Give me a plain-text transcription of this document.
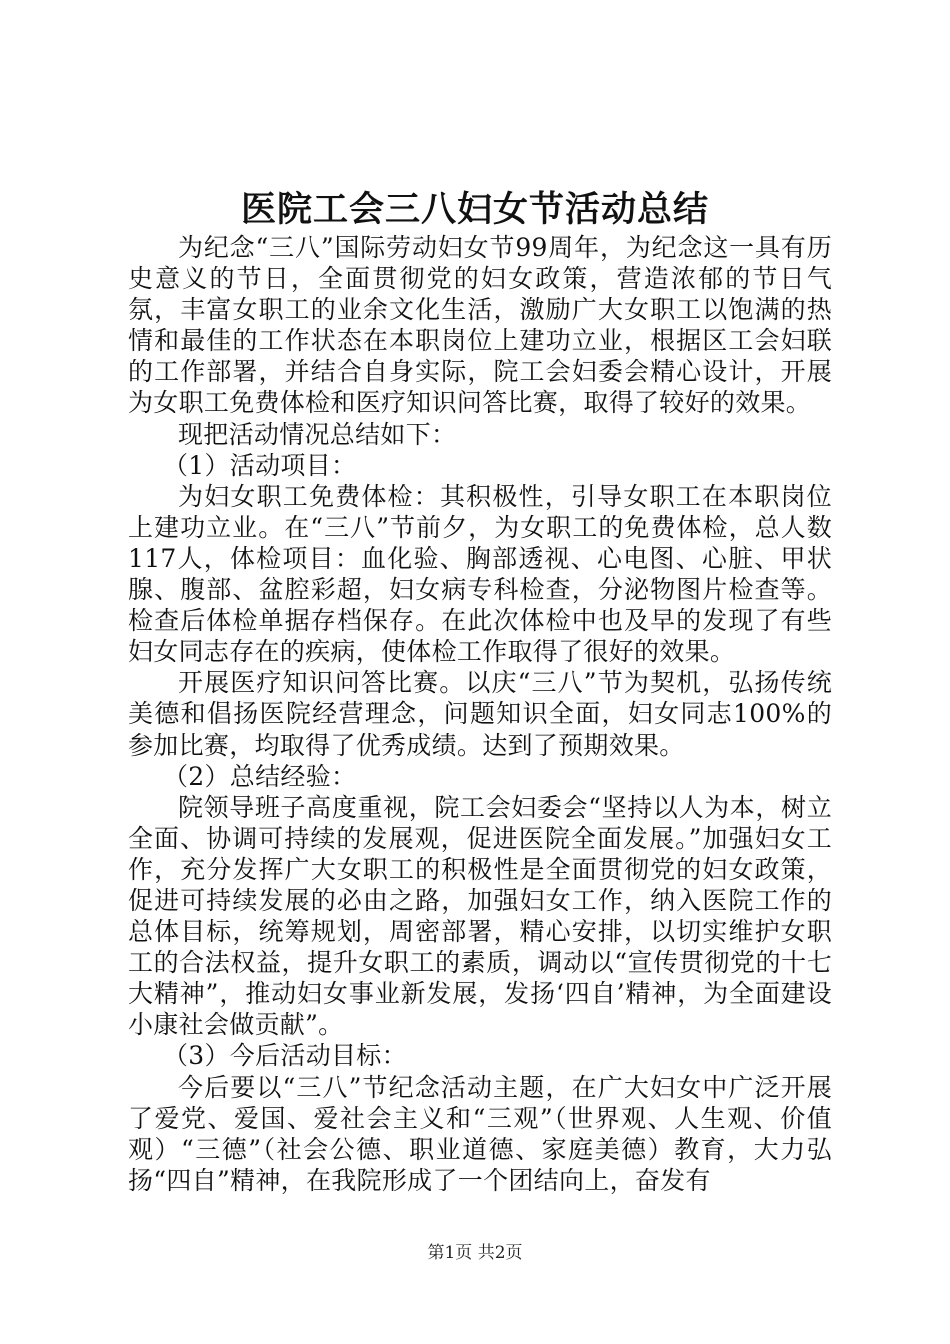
医院工会三八妇女节活动总结

为纪念“三八”国际劳动妇女节99周年，为纪念这一具有历史意义的节日，全面贯彻党的妇女政策，营造浓郁的节日气氛，丰富女职工的业余文化生活，激励广大女职工以饱满的热情和最佳的工作状态在本职岗位上建功立业，根据区工会妇联的工作部署，并结合自身实际，院工会妇委会精心设计，开展为女职工免费体检和医疗知识问答比赛，取得了较好的效果。

现把活动情况总结如下：

（1）活动项目：

为妇女职工免费体检：其积极性，引导女职工在本职岗位上建功立业。在“三八”节前夕，为女职工的免费体检，总人数117人，体检项目：血化验、胸部透视、心电图、心脏、甲状腺、腹部、盆腔彩超，妇女病专科检查，分泌物图片检查等。检查后体检单据存档保存。在此次体检中也及早的发现了有些妇女同志存在的疾病，使体检工作取得了很好的效果。

开展医疗知识问答比赛。以庆“三八”节为契机，弘扬传统美德和倡扬医院经营理念，问题知识全面，妇女同志100%的参加比赛，均取得了优秀成绩。达到了预期效果。

（2）总结经验：

院领导班子高度重视，院工会妇委会“坚持以人为本，树立全面、协调可持续的发展观，促进医院全面发展。”加强妇女工作，充分发挥广大女职工的积极性是全面贯彻党的妇女政策，促进可持续发展的必由之路，加强妇女工作，纳入医院工作的总体目标，统筹规划，周密部署，精心安排，以切实维护女职工的合法权益，提升女职工的素质，调动以“宣传贯彻党的十七大精神”，推动妇女事业新发展，发扬‘四自’精神，为全面建设小康社会做贡献”。

（3）今后活动目标：

今后要以“三八”节纪念活动主题，在广大妇女中广泛开展了爱党、爱国、爱社会主义和“三观”（世界观、人生观、价值观）“三德”（社会公德、职业道德、家庭美德）教育，大力弘扬“四自”精神，在我院形成了一个团结向上，奋发有

第1页 共2页
